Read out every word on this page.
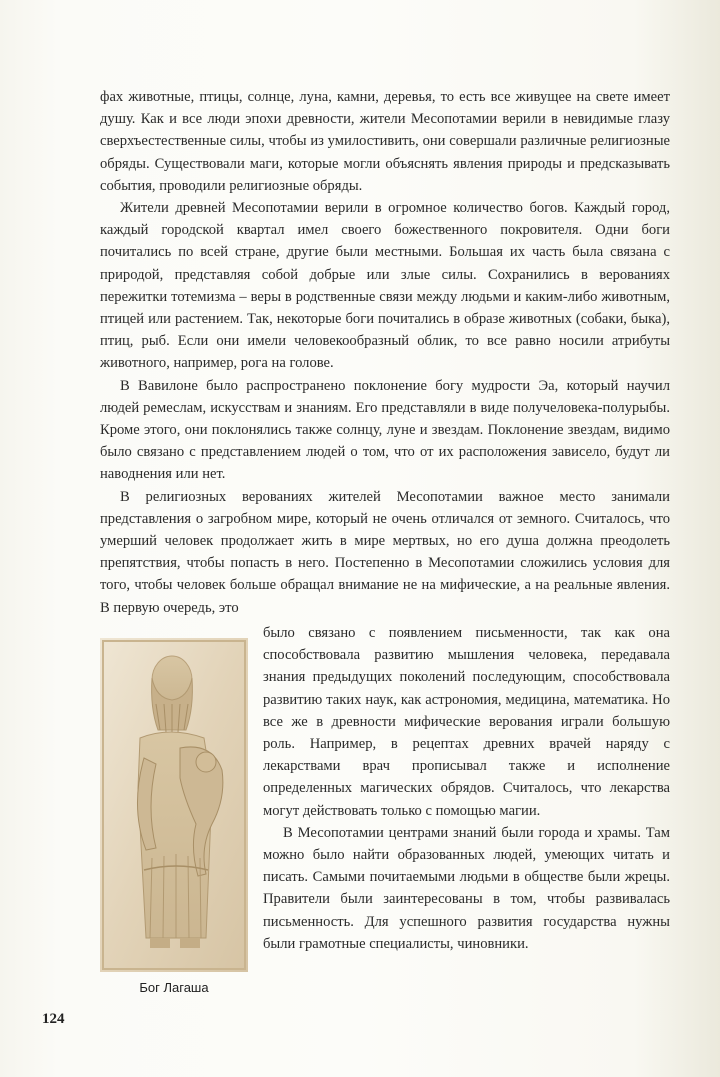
фах животные, птицы, солнце, луна, камни, деревья, то есть все живущее на свете имеет душу. Как и все люди эпохи древности, жители Месопотамии верили в невидимые глазу сверхъестественные силы, чтобы из умилостивить, они совершали различные религиозные обряды. Существовали маги, которые могли объяснять явления природы и предсказывать события, проводили религиозные обряды.

Жители древней Месопотамии верили в огромное количество богов. Каждый город, каждый городской квартал имел своего божественного покровителя. Одни боги почитались по всей стране, другие были местными. Большая их часть была связана с природой, представляя собой добрые или злые силы. Сохранились в верованиях пережитки тотемизма – веры в родственные связи между людьми и каким-либо животным, птицей или растением. Так, некоторые боги почитались в образе животных (собаки, быка), птиц, рыб. Если они имели человекообразный облик, то все равно носили атрибуты животного, например, рога на голове.

В Вавилоне было распространено поклонение богу мудрости Эа, который научил людей ремеслам, искусствам и знаниям. Его представляли в виде получеловека-полурыбы. Кроме этого, они поклонялись также солнцу, луне и звездам. Поклонение звездам, видимо было связано с представлением людей о том, что от их расположения зависело, будут ли наводнения или нет.

В религиозных верованиях жителей Месопотамии важное место занимали представления о загробном мире, который не очень отличался от земного. Считалось, что умерший человек продолжает жить в мире мертвых, но его душа должна преодолеть препятствия, чтобы попасть в него. Постепенно в Месопотамии сложились условия для того, чтобы человек больше обращал внимание не на мифические, а на реальные явления. В первую очередь, это

Бог Лагаша

было связано с появлением письменности, так как она способствовала развитию мышления человека, передавала знания предыдущих поколений последующим, способствовала развитию таких наук, как астрономия, медицина, математика. Но все же в древности мифические верования играли большую роль. Например, в рецептах древних врачей наряду с лекарствами врач прописывал также и исполнение определенных магических обрядов. Считалось, что лекарства могут действовать только с помощью магии.

В Месопотамии центрами знаний были города и храмы. Там можно было найти образованных людей, умеющих читать и писать. Самыми почитаемыми людьми в обществе были жрецы. Правители были заинтересованы в том, чтобы развивалась письменность. Для успешного развития государства нужны были грамотные специалисты, чиновники.

124
